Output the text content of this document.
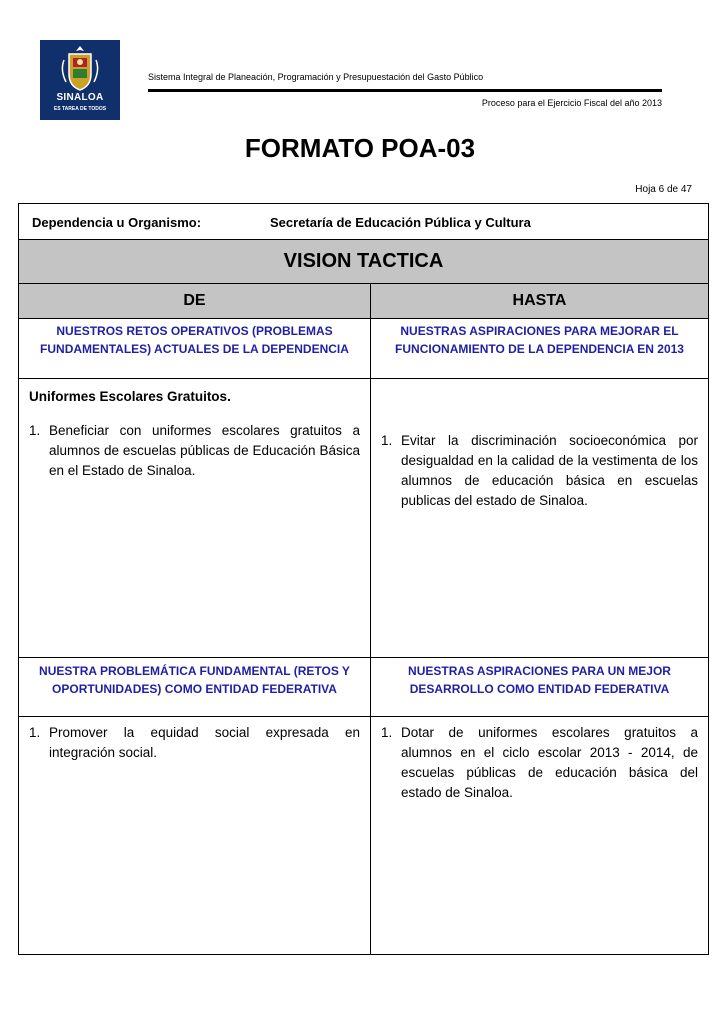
SINALOA
ES TAREA DE TODOS
Sistema Integral de Planeación, Programación y Presupuestación del Gasto Público
Proceso para el Ejercicio Fiscal del año 2013
FORMATO POA-03
Hoja 6 de 47
Dependencia u Organismo:	Secretaría de Educación Pública y Cultura
VISION TACTICA
DE	HASTA
NUESTROS RETOS OPERATIVOS (PROBLEMAS FUNDAMENTALES) ACTUALES DE LA DEPENDENCIA
NUESTRAS ASPIRACIONES PARA MEJORAR EL FUNCIONAMIENTO DE LA DEPENDENCIA EN 2013
Uniformes Escolares Gratuitos.
1. Beneficiar con uniformes escolares gratuitos a alumnos de escuelas públicas de Educación Básica en el Estado de Sinaloa.
1. Evitar la discriminación socioeconómica por desigualdad en la calidad de la vestimenta de los alumnos de educación básica en escuelas publicas del estado de Sinaloa.
NUESTRA PROBLEMÁTICA FUNDAMENTAL (RETOS Y OPORTUNIDADES) COMO ENTIDAD FEDERATIVA
NUESTRAS ASPIRACIONES PARA UN MEJOR DESARROLLO COMO ENTIDAD FEDERATIVA
1. Promover la equidad social expresada en integración social.
1. Dotar de uniformes escolares gratuitos a alumnos en el ciclo escolar 2013 - 2014, de escuelas públicas de educación básica del estado de Sinaloa.
